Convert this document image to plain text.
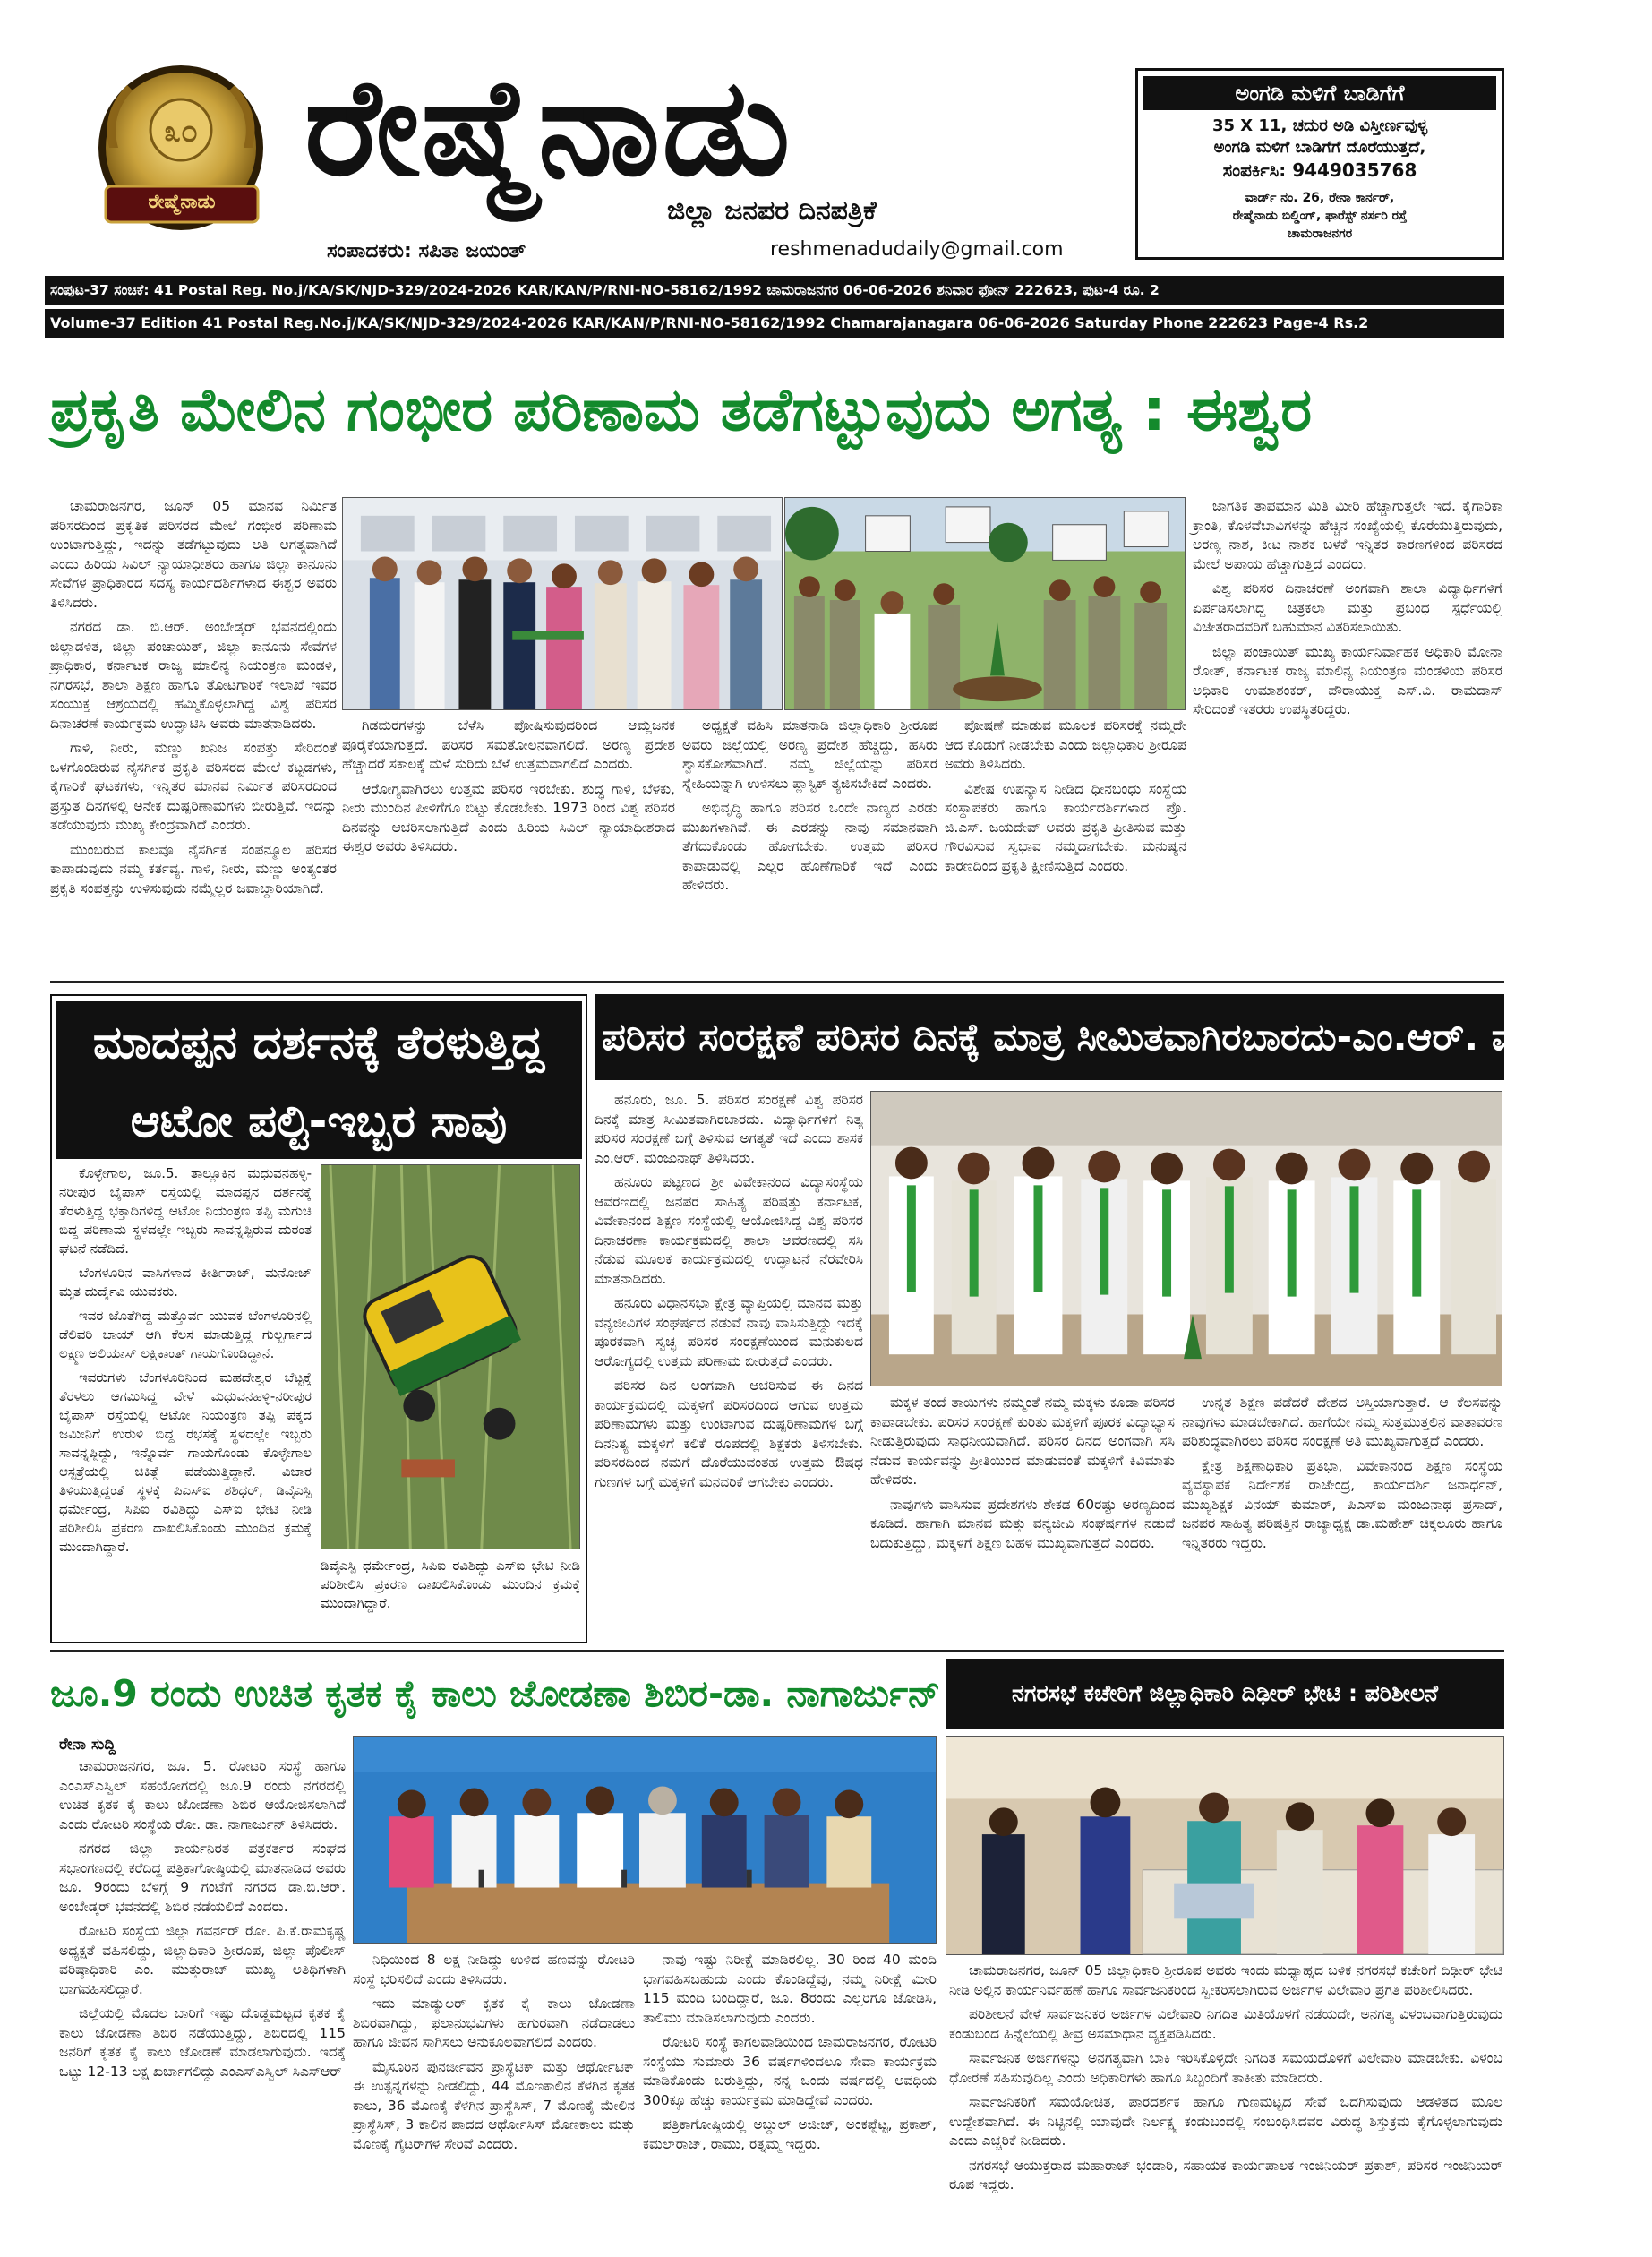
೩೦
ರೇಷ್ಮೆನಾಡು ರೇಷ್ಮೆನಾಡು
ಜಿಲ್ಲಾ ಜನಪರ ದಿನಪತ್ರಿಕೆ
ಸಂಪಾದಕರು: ಸಪಿತಾ ಜಯಂತ್	reshmenadudaily@gmail.com
ಅಂಗಡಿ ಮಳಿಗೆ ಬಾಡಿಗೆಗೆ
35 X 11, ಚದುರ ಅಡಿ ವಿಸ್ತೀರ್ಣವುಳ್ಳ
ಅಂಗಡಿ ಮಳಿಗೆ ಬಾಡಿಗೆಗೆ ದೊರೆಯುತ್ತದೆ,
ಸಂಪರ್ಕಿಸಿ: 9449035768
ವಾರ್ಡ್ ನಂ. 26, ರೇನಾ ಕಾರ್ನರ್,
ರೇಷ್ಮೆನಾಡು ಬಿಲ್ಡಿಂಗ್, ಫಾರೆಸ್ಟ್ ನರ್ಸರಿ ರಸ್ತೆ
ಚಾಮರಾಜನಗರ
ಸಂಪುಟ-37 ಸಂಚಿಕೆ: 41 Postal Reg. No.j/KA/SK/NJD-329/2024-2026 KAR/KAN/P/RNI-NO-58162/1992 ಚಾಮರಾಜನಗರ 06-06-2026 ಶನಿವಾರ ಫೋನ್ 222623, ಪುಟ-4 ರೂ. 2
Volume-37 Edition 41 Postal Reg.No.j/KA/SK/NJD-329/2024-2026 KAR/KAN/P/RNI-NO-58162/1992 Chamarajanagara 06-06-2026 Saturday Phone 222623 Page-4 Rs.2
ಪ್ರಕೃತಿ ಮೇಲಿನ ಗಂಭೀರ ಪರಿಣಾಮ ತಡೆಗಟ್ಟುವುದು ಅಗತ್ಯ : ಈಶ್ವರ

ಚಾಮರಾಜನಗರ, ಜೂನ್ 05 ಮಾನವ ನಿರ್ಮಿತ ಪರಿಸರದಿಂದ ಪ್ರಕೃತಿಕ ಪರಿಸರದ ಮೇಲೆ ಗಂಭೀರ ಪರಿಣಾಮ ಉಂಟಾಗುತ್ತಿದ್ದು, ಇದನ್ನು ತಡೆಗಟ್ಟುವುದು ಅತಿ ಅಗತ್ಯವಾಗಿದೆ ಎಂದು ಹಿರಿಯ ಸಿವಿಲ್ ನ್ಯಾಯಾಧೀಶರು ಹಾಗೂ ಜಿಲ್ಲಾ ಕಾನೂನು ಸೇವೆಗಳ ಪ್ರಾಧಿಕಾರದ ಸದಸ್ಯ ಕಾರ್ಯದರ್ಶಿಗಳಾದ ಈಶ್ವರ ಅವರು ತಿಳಿಸಿದರು.

ನಗರದ ಡಾ. ಬಿ.ಆರ್. ಅಂಬೇಡ್ಕರ್ ಭವನದಲ್ಲಿಂದು ಜಿಲ್ಲಾಡಳಿತ, ಜಿಲ್ಲಾ ಪಂಚಾಯಿತ್, ಜಿಲ್ಲಾ ಕಾನೂನು ಸೇವೆಗಳ ಪ್ರಾಧಿಕಾರ, ಕರ್ನಾಟಕ ರಾಜ್ಯ ಮಾಲಿನ್ಯ ನಿಯಂತ್ರಣ ಮಂಡಳಿ, ನಗರಸಭೆ, ಶಾಲಾ ಶಿಕ್ಷಣ ಹಾಗೂ ತೋಟಗಾರಿಕೆ ಇಲಾಖೆ ಇವರ ಸಂಯುಕ್ತ ಆಶ್ರಯದಲ್ಲಿ ಹಮ್ಮಿಕೊಳ್ಳಲಾಗಿದ್ದ ವಿಶ್ವ ಪರಿಸರ ದಿನಾಚರಣೆ ಕಾರ್ಯಕ್ರಮ ಉದ್ಘಾಟಿಸಿ ಅವರು ಮಾತನಾಡಿದರು.

ಗಾಳಿ, ನೀರು, ಮಣ್ಣು ಖನಿಜ ಸಂಪತ್ತು ಸೇರಿದಂತೆ ಒಳಗೊಂಡಿರುವ ನೈಸರ್ಗಿಕ ಪ್ರಕೃತಿ ಪರಿಸರದ ಮೇಲೆ ಕಟ್ಟಡಗಳು, ಕೈಗಾರಿಕೆ ಘಟಕಗಳು, ಇನ್ನಿತರ ಮಾನವ ನಿರ್ಮಿತ ಪರಿಸರದಿಂದ ಪ್ರಸ್ತುತ ದಿನಗಳಲ್ಲಿ ಅನೇಕ ದುಷ್ಪರಿಣಾಮಗಳು ಬೀರುತ್ತಿವೆ. ಇದನ್ನು ತಡೆಯುವುದು ಮುಖ್ಯ ಕೇಂದ್ರವಾಗಿದೆ ಎಂದರು.

ಮುಂಬರುವ ಕಾಲವೂ ನೈಸರ್ಗಿಕ ಸಂಪನ್ಮೂಲ ಪರಿಸರ ಕಾಪಾಡುವುದು ನಮ್ಮ ಕರ್ತವ್ಯ. ಗಾಳಿ, ನೀರು, ಮಣ್ಣು ಅಂತ್ಯಂತರ ಪ್ರಕೃತಿ ಸಂಪತ್ತನ್ನು ಉಳಿಸುವುದು ನಮ್ಮೆಲ್ಲರ ಜವಾಬ್ದಾರಿಯಾಗಿದೆ.

ಗಿಡಮರಗಳನ್ನು ಬೆಳೆಸಿ ಪೋಷಿಸುವುದರಿಂದ ಆಮ್ಲಜನಕ ಪೂರೈಕೆಯಾಗುತ್ತದೆ. ಪರಿಸರ ಸಮತೋಲನವಾಗಲಿದೆ. ಅರಣ್ಯ ಪ್ರದೇಶ ಹೆಚ್ಚಾದರೆ ಸಕಾಲಕ್ಕೆ ಮಳೆ ಸುರಿದು ಬೆಳೆ ಉತ್ತಮವಾಗಲಿದೆ ಎಂದರು.

ಆರೋಗ್ಯವಾಗಿರಲು ಉತ್ತಮ ಪರಿಸರ ಇರಬೇಕು. ಶುದ್ಧ ಗಾಳಿ, ಬೆಳಕು, ನೀರು ಮುಂದಿನ ಪೀಳಿಗೆಗೂ ಬಿಟ್ಟು ಕೊಡಬೇಕು. 1973 ರಿಂದ ವಿಶ್ವ ಪರಿಸರ ದಿನವನ್ನು ಆಚರಿಸಲಾಗುತ್ತಿದೆ ಎಂದು ಹಿರಿಯ ಸಿವಿಲ್ ನ್ಯಾಯಾಧೀಶರಾದ ಈಶ್ವರ ಅವರು ತಿಳಿಸಿದರು.

ಅಧ್ಯಕ್ಷತೆ ವಹಿಸಿ ಮಾತನಾಡಿ ಜಿಲ್ಲಾಧಿಕಾರಿ ಶ್ರೀರೂಪ ಅವರು ಜಿಲ್ಲೆಯಲ್ಲಿ ಅರಣ್ಯ ಪ್ರದೇಶ ಹೆಚ್ಚಿದ್ದು, ಹಸಿರು ಶ್ವಾಸಕೋಶವಾಗಿದೆ. ನಮ್ಮ ಜಿಲ್ಲೆಯನ್ನು ಪರಿಸರ ಸ್ನೇಹಿಯನ್ನಾಗಿ ಉಳಿಸಲು ಪ್ಲಾಸ್ಟಿಕ್ ತ್ಯಜಿಸಬೇಕಿದೆ ಎಂದರು.

ಅಭಿವೃದ್ಧಿ ಹಾಗೂ ಪರಿಸರ ಒಂದೇ ನಾಣ್ಯದ ಎರಡು ಮುಖಗಳಾಗಿವೆ. ಈ ಎರಡನ್ನು ನಾವು ಸಮಾನವಾಗಿ ತೆಗೆದುಕೊಂಡು ಹೋಗಬೇಕು. ಉತ್ತಮ ಪರಿಸರ ಕಾಪಾಡುವಲ್ಲಿ ಎಲ್ಲರ ಹೊಣೆಗಾರಿಕೆ ಇದೆ ಎಂದು ಹೇಳಿದರು.

ಪೋಷಣೆ ಮಾಡುವ ಮೂಲಕ ಪರಿಸರಕ್ಕೆ ನಮ್ಮದೇ ಆದ ಕೊಡುಗೆ ನೀಡಬೇಕು ಎಂದು ಜಿಲ್ಲಾಧಿಕಾರಿ ಶ್ರೀರೂಪ ಅವರು ತಿಳಿಸಿದರು.

ವಿಶೇಷ ಉಪನ್ಯಾಸ ನೀಡಿದ ಧೀನಬಂಧು ಸಂಸ್ಥೆಯ ಸಂಸ್ಥಾಪಕರು ಹಾಗೂ ಕಾರ್ಯದರ್ಶಿಗಳಾದ ಪ್ರೊ. ಜಿ.ಎಸ್. ಜಯದೇವ್ ಅವರು ಪ್ರಕೃತಿ ಪ್ರೀತಿಸುವ ಮತ್ತು ಗೌರವಿಸುವ ಸ್ವಭಾವ ನಮ್ಮದಾಗಬೇಕು. ಮನುಷ್ಯನ ಕಾರಣದಿಂದ ಪ್ರಕೃತಿ ಕ್ಷೀಣಿಸುತ್ತಿದೆ ಎಂದರು.

ಜಾಗತಿಕ ತಾಪಮಾನ ಮಿತಿ ಮೀರಿ ಹೆಚ್ಚಾಗುತ್ತಲೇ ಇದೆ. ಕೈಗಾರಿಕಾ ಕ್ರಾಂತಿ, ಕೊಳವೆಬಾವಿಗಳನ್ನು ಹೆಚ್ಚಿನ ಸಂಖ್ಯೆಯಲ್ಲಿ ಕೊರೆಯುತ್ತಿರುವುದು, ಅರಣ್ಯ ನಾಶ, ಕೀಟ ನಾಶಕ ಬಳಕೆ ಇನ್ನಿತರ ಕಾರಣಗಳಿಂದ ಪರಿಸರದ ಮೇಲೆ ಅಪಾಯ ಹೆಚ್ಚಾಗುತ್ತಿದೆ ಎಂದರು.

ವಿಶ್ವ ಪರಿಸರ ದಿನಾಚರಣೆ ಅಂಗವಾಗಿ ಶಾಲಾ ವಿದ್ಯಾರ್ಥಿಗಳಿಗೆ ಏರ್ಪಡಿಸಲಾಗಿದ್ದ ಚಿತ್ರಕಲಾ ಮತ್ತು ಪ್ರಬಂಧ ಸ್ಪರ್ಧೆಯಲ್ಲಿ ವಿಜೇತರಾದವರಿಗೆ ಬಹುಮಾನ ವಿತರಿಸಲಾಯಿತು.

ಜಿಲ್ಲಾ ಪಂಚಾಯಿತ್ ಮುಖ್ಯ ಕಾರ್ಯನಿರ್ವಾಹಕ ಅಧಿಕಾರಿ ಮೋನಾ ರೋತ್, ಕರ್ನಾಟಕ ರಾಜ್ಯ ಮಾಲಿನ್ಯ ನಿಯಂತ್ರಣ ಮಂಡಳಿಯ ಪರಿಸರ ಅಧಿಕಾರಿ ಉಮಾಶಂಕರ್, ಪೌರಾಯುಕ್ತ ಎಸ್.ವಿ. ರಾಮದಾಸ್ ಸೇರಿದಂತೆ ಇತರರು ಉಪಸ್ಥಿತರಿದ್ದರು.

ಮಾದಪ್ಪನ ದರ್ಶನಕ್ಕೆ ತೆರಳುತ್ತಿದ್ದ
ಆಟೋ ಪಲ್ಟಿ-ಇಬ್ಬರ ಸಾವು

ಕೊಳ್ಳೇಗಾಲ, ಜೂ.5. ತಾಲ್ಲೂಕಿನ ಮಧುವನಹಳ್ಳಿ-ನರೀಪುರ ಬೈಪಾಸ್ ರಸ್ತೆಯಲ್ಲಿ ಮಾದಪ್ಪನ ದರ್ಶನಕ್ಕೆ ತೆರಳುತ್ತಿದ್ದ ಭಕ್ತಾದಿಗಳಿದ್ದ ಆಟೋ ನಿಯಂತ್ರಣ ತಪ್ಪಿ ಮಗುಚಿ ಬಿದ್ದ ಪರಿಣಾಮ ಸ್ಥಳದಲ್ಲೇ ಇಬ್ಬರು ಸಾವನ್ನಪ್ಪಿರುವ ದುರಂತ ಘಟನೆ ನಡೆದಿದೆ.

ಬೆಂಗಳೂರಿನ ವಾಸಿಗಳಾದ ಕೀರ್ತಿರಾಜ್, ಮನೋಜ್ ಮೃತ ದುರ್ದೈವಿ ಯುವಕರು.

ಇವರ ಜೊತೆಗಿದ್ದ ಮತ್ತೊರ್ವ ಯುವಕ ಬೆಂಗಳೂರಿನಲ್ಲಿ ಡೆಲಿವರಿ ಬಾಯ್ ಆಗಿ ಕೆಲಸ ಮಾಡುತ್ತಿದ್ದ ಗುಲ್ಬರ್ಗಾದ ಲಕ್ಷ್ಮಣ ಅಲಿಯಾಸ್ ಲಕ್ಷಿಕಾಂತ್ ಗಾಯಗೊಂಡಿದ್ದಾನೆ.

ಇವರುಗಳು ಬೆಂಗಳೂರಿನಿಂದ ಮಹದೇಶ್ವರ ಬೆಟ್ಟಕ್ಕೆ ತೆರಳಲು ಆಗಮಿಸಿದ್ದ ವೇಳೆ ಮಧುವನಹಳ್ಳಿ-ನರೀಪುರ ಬೈಪಾಸ್ ರಸ್ತೆಯಲ್ಲಿ ಆಟೋ ನಿಯಂತ್ರಣ ತಪ್ಪಿ ಪಕ್ಕದ ಜಮೀನಿಗೆ ಉರುಳಿ ಬಿದ್ದ ರಭಸಕ್ಕೆ ಸ್ಥಳದಲ್ಲೇ ಇಬ್ಬರು ಸಾವನ್ನಪ್ಪಿದ್ದು, ಇನ್ನೊರ್ವ ಗಾಯಗೊಂಡು ಕೊಳ್ಳೇಗಾಲ ಆಸ್ಪತ್ರೆಯಲ್ಲಿ ಚಿಕಿತ್ಸೆ ಪಡೆಯುತ್ತಿದ್ದಾನೆ. ವಿಚಾರ ತಿಳಿಯುತ್ತಿದ್ದಂತೆ ಸ್ಥಳಕ್ಕೆ ಪಿಎಸ್ಐ ಶಶಿಧರ್, ಡಿವೈಎಸ್ಪಿ ಧರ್ಮೇಂದ್ರ, ಸಿಪಿಐ ರವಿಶಿದ್ಧು ಎಸ್‌ಐ ಭೇಟಿ ನೀಡಿ ಪರಿಶೀಲಿಸಿ ಪ್ರಕರಣ ದಾಖಲಿಸಿಕೊಂಡು ಮುಂದಿನ ಕ್ರಮಕ್ಕೆ ಮುಂದಾಗಿದ್ದಾರೆ.

ಡಿವೈಎಸ್ಪಿ ಧರ್ಮೇಂದ್ರ, ಸಿಪಿಐ ರವಿಶಿದ್ಧು ಎಸ್‌ಐ ಭೇಟಿ ನೀಡಿ ಪರಿಶೀಲಿಸಿ ಪ್ರಕರಣ ದಾಖಲಿಸಿಕೊಂಡು ಮುಂದಿನ ಕ್ರಮಕ್ಕೆ ಮುಂದಾಗಿದ್ದಾರೆ.
ಪರಿಸರ ಸಂರಕ್ಷಣೆ ಪರಿಸರ ದಿನಕ್ಕೆ ಮಾತ್ರ ಸೀಮಿತವಾಗಿರಬಾರದು-ಎಂ.ಆರ್. ಮಂಜುನಾಥ್

ಹನೂರು, ಜೂ. 5. ಪರಿಸರ ಸಂರಕ್ಷಣೆ ವಿಶ್ವ ಪರಿಸರ ದಿನಕ್ಕೆ ಮಾತ್ರ ಸೀಮಿತವಾಗಿರಬಾರದು. ವಿದ್ಯಾರ್ಥಿಗಳಿಗೆ ನಿತ್ಯ ಪರಿಸರ ಸಂರಕ್ಷಣೆ ಬಗ್ಗೆ ತಿಳಿಸುವ ಅಗತ್ಯತೆ ಇದೆ ಎಂದು ಶಾಸಕ ಎಂ.ಆರ್. ಮಂಜುನಾಥ್ ತಿಳಿಸಿದರು.

ಹನೂರು ಪಟ್ಟಣದ ಶ್ರೀ ವಿವೇಕಾನಂದ ವಿದ್ಯಾಸಂಸ್ಥೆಯ ಆವರಣದಲ್ಲಿ ಜನಪರ ಸಾಹಿತ್ಯ ಪರಿಷತ್ತು ಕರ್ನಾಟಕ, ವಿವೇಕಾನಂದ ಶಿಕ್ಷಣ ಸಂಸ್ಥೆಯಲ್ಲಿ ಆಯೋಜಿಸಿದ್ದ ವಿಶ್ವ ಪರಿಸರ ದಿನಾಚರಣಾ ಕಾರ್ಯಕ್ರಮದಲ್ಲಿ ಶಾಲಾ ಆವರಣದಲ್ಲಿ ಸಸಿ ನೆಡುವ ಮೂಲಕ ಕಾರ್ಯಕ್ರಮದಲ್ಲಿ ಉದ್ಘಾಟನೆ ನೆರವೇರಿಸಿ ಮಾತನಾಡಿದರು.

ಹನೂರು ವಿಧಾನಸಭಾ ಕ್ಷೇತ್ರ ವ್ಯಾಪ್ತಿಯಲ್ಲಿ ಮಾನವ ಮತ್ತು ವನ್ಯಜೀವಿಗಳ ಸಂಘರ್ಷದ ನಡುವೆ ನಾವು ವಾಸಿಸುತ್ತಿದ್ದು ಇದಕ್ಕೆ ಪೂರಕವಾಗಿ ಸ್ವಚ್ಛ ಪರಿಸರ ಸಂರಕ್ಷಣೆಯಿಂದ ಮನುಕುಲದ ಆರೋಗ್ಯದಲ್ಲಿ ಉತ್ತಮ ಪರಿಣಾಮ ಬೀರುತ್ತದೆ ಎಂದರು.

ಪರಿಸರ ದಿನ ಅಂಗವಾಗಿ ಆಚರಿಸುವ ಈ ದಿನದ ಕಾರ್ಯಕ್ರಮದಲ್ಲಿ ಮಕ್ಕಳಿಗೆ ಪರಿಸರದಿಂದ ಆಗುವ ಉತ್ತಮ ಪರಿಣಾಮಗಳು ಮತ್ತು ಉಂಟಾಗುವ ದುಷ್ಪರಿಣಾಮಗಳ ಬಗ್ಗೆ ದಿನನಿತ್ಯ ಮಕ್ಕಳಿಗೆ ಕಲಿಕೆ ರೂಪದಲ್ಲಿ ಶಿಕ್ಷಕರು ತಿಳಿಸಬೇಕು. ಪರಿಸರದಿಂದ ನಮಗೆ ದೊರೆಯುವಂತಹ ಉತ್ತಮ ಔಷಧ ಗುಣಗಳ ಬಗ್ಗೆ ಮಕ್ಕಳಿಗೆ ಮನವರಿಕೆ ಆಗಬೇಕು ಎಂದರು.

ಮಕ್ಕಳ ತಂದೆ ತಾಯಿಗಳು ನಮ್ಮಂತೆ ನಮ್ಮ ಮಕ್ಕಳು ಕೂಡಾ ಪರಿಸರ ಕಾಪಾಡಬೇಕು. ಪರಿಸರ ಸಂರಕ್ಷಣೆ ಕುರಿತು ಮಕ್ಕಳಿಗೆ ಪೂರಕ ವಿದ್ಯಾಭ್ಯಾಸ ನೀಡುತ್ತಿರುವುದು ಸಾಧನೀಯವಾಗಿದೆ. ಪರಿಸರ ದಿನದ ಅಂಗವಾಗಿ ಸಸಿ ನೆಡುವ ಕಾರ್ಯವನ್ನು ಪ್ರೀತಿಯಿಂದ ಮಾಡುವಂತೆ ಮಕ್ಕಳಿಗೆ ಕಿವಿಮಾತು ಹೇಳಿದರು.

ನಾವುಗಳು ವಾಸಿಸುವ ಪ್ರದೇಶಗಳು ಶೇಕಡ 60ರಷ್ಟು ಅರಣ್ಯದಿಂದ ಕೂಡಿದೆ. ಹಾಗಾಗಿ ಮಾನವ ಮತ್ತು ವನ್ಯಜೀವಿ ಸಂಘರ್ಷಗಳ ನಡುವೆ ಬದುಕುತ್ತಿದ್ದು, ಮಕ್ಕಳಿಗೆ ಶಿಕ್ಷಣ ಬಹಳ ಮುಖ್ಯವಾಗುತ್ತದೆ ಎಂದರು.

ಉನ್ನತ ಶಿಕ್ಷಣ ಪಡೆದರೆ ದೇಶದ ಅಸ್ತಿಯಾಗುತ್ತಾರೆ. ಆ ಕೆಲಸವನ್ನು ನಾವುಗಳು ಮಾಡಬೇಕಾಗಿದೆ. ಹಾಗೆಯೇ ನಮ್ಮ ಸುತ್ತಮುತ್ತಲಿನ ವಾತಾವರಣ ಪರಿಶುದ್ಧವಾಗಿರಲು ಪರಿಸರ ಸಂರಕ್ಷಣೆ ಅತಿ ಮುಖ್ಯವಾಗುತ್ತದೆ ಎಂದರು.

ಕ್ಷೇತ್ರ ಶಿಕ್ಷಣಾಧಿಕಾರಿ ಪ್ರತಿಭಾ, ವಿವೇಕಾನಂದ ಶಿಕ್ಷಣ ಸಂಸ್ಥೆಯ ವ್ಯವಸ್ಥಾಪಕ ನಿರ್ದೇಶಕ ರಾಜೇಂದ್ರ, ಕಾರ್ಯದರ್ಶಿ ಜನಾರ್ಧನ್, ಮುಖ್ಯಶಿಕ್ಷಕ ವಿನಯ್ ಕುಮಾರ್, ಪಿಎಸ್ಐ ಮಂಜುನಾಥ ಪ್ರಸಾದ್, ಜನಪರ ಸಾಹಿತ್ಯ ಪರಿಷತ್ತಿನ ರಾಜ್ಯಾಧ್ಯಕ್ಷ ಡಾ.ಮಹೇಶ್ ಚಿಕ್ಕಲೂರು ಹಾಗೂ ಇನ್ನಿತರರು ಇದ್ದರು.

ಜೂ.9 ರಂದು ಉಚಿತ ಕೃತಕ ಕೈ ಕಾಲು ಜೋಡಣಾ ಶಿಬಿರ-ಡಾ. ನಾಗಾರ್ಜುನ್
ರೇನಾ ಸುದ್ದಿ

ಚಾಮರಾಜನಗರ, ಜೂ. 5. ರೋಟರಿ ಸಂಸ್ಥೆ ಹಾಗೂ ಎಂಎಸ್ಎಸ್ವಿಲ್ ಸಹಯೋಗದಲ್ಲಿ ಜೂ.9 ರಂದು ನಗರದಲ್ಲಿ ಉಚಿತ ಕೃತಕ ಕೈ ಕಾಲು ಜೋಡಣಾ ಶಿಬಿರ ಆಯೋಜಿಸಲಾಗಿದೆ ಎಂದು ರೋಟರಿ ಸಂಸ್ಥೆಯ ರೋ. ಡಾ. ನಾಗಾರ್ಜುನ್ ತಿಳಿಸಿದರು.

ನಗರದ ಜಿಲ್ಲಾ ಕಾರ್ಯನಿರತ ಪತ್ರಕರ್ತರ ಸಂಘದ ಸಭಾಂಗಣದಲ್ಲಿ ಕರೆದಿದ್ದ ಪತ್ರಿಕಾಗೋಷ್ಠಿಯಲ್ಲಿ ಮಾತನಾಡಿದ ಅವರು ಜೂ. 9ರಂದು ಬೆಳಿಗ್ಗೆ 9 ಗಂಟೆಗೆ ನಗರದ ಡಾ.ಬಿ.ಆರ್. ಅಂಬೇಡ್ಕರ್ ಭವನದಲ್ಲಿ ಶಿಬಿರ ನಡೆಯಲಿದೆ ಎಂದರು.

ರೋಟರಿ ಸಂಸ್ಥೆಯ ಜಿಲ್ಲಾ ಗವರ್ನರ್ ರೋ. ಪಿ.ಕೆ.ರಾಮಕೃಷ್ಣ ಅಧ್ಯಕ್ಷತೆ ವಹಿಸಲಿದ್ದು, ಜಿಲ್ಲಾಧಿಕಾರಿ ಶ್ರೀರೂಪ, ಜಿಲ್ಲಾ ಪೊಲೀಸ್ ವರಿಷ್ಠಾಧಿಕಾರಿ ಎಂ. ಮುತ್ತುರಾಜ್ ಮುಖ್ಯ ಅತಿಥಿಗಳಾಗಿ ಭಾಗವಹಿಸಲಿದ್ದಾರೆ.

ಜಿಲ್ಲೆಯಲ್ಲಿ ಮೊದಲ ಬಾರಿಗೆ ಇಷ್ಟು ದೊಡ್ಡಮಟ್ಟದ ಕೃತಕ ಕೈ ಕಾಲು ಜೋಡಣಾ ಶಿಬಿರ ನಡೆಯುತ್ತಿದ್ದು, ಶಿಬಿರದಲ್ಲಿ 115 ಜನರಿಗೆ ಕೃತಕ ಕೈ ಕಾಲು ಜೋಡಣೆ ಮಾಡಲಾಗುವುದು. ಇದಕ್ಕೆ ಒಟ್ಟು 12-13 ಲಕ್ಷ ಖರ್ಚಾಗಲಿದ್ದು ಎಂಎಸ್ಎಸ್ವಿಲ್ ಸಿಎಸ್ಆರ್

ನಿಧಿಯಿಂದ 8 ಲಕ್ಷ ನೀಡಿದ್ದು ಉಳಿದ ಹಣವನ್ನು ರೋಟರಿ ಸಂಸ್ಥೆ ಭರಿಸಲಿದೆ ಎಂದು ತಿಳಿಸಿದರು.

ಇದು ಮಾಡ್ಯುಲರ್ ಕೃತಕ ಕೈ ಕಾಲು ಜೋಡಣಾ ಶಿಬಿರವಾಗಿದ್ದು, ಫಲಾನುಭವಿಗಳು ಹಗುರವಾಗಿ ನಡೆದಾಡಲು ಹಾಗೂ ಜೀವನ ಸಾಗಿಸಲು ಅನುಕೂಲವಾಗಲಿದೆ ಎಂದರು.

ಮೈಸೂರಿನ ಪುನರ್ಜೀವನ ಪ್ರಾಸ್ಥೆಟಿಕ್ ಮತ್ತು ಆರ್ಥೋಟಿಕ್ ಈ ಉತ್ಪನ್ನಗಳನ್ನು ನೀಡಲಿದ್ದು, 44 ಮೊಣಕಾಲಿನ ಕೆಳಗಿನ ಕೃತಕ ಕಾಲು, 36 ಮೊಣಕೈ ಕೆಳಗಿನ ಪ್ರಾಸ್ಥೆಸಿಸ್, 7 ಮೊಣಕೈ ಮೇಲಿನ ಪ್ರಾಸ್ಥೆಸಿಸ್, 3 ಕಾಲಿನ ಪಾದದ ಆರ್ಥೋಸಿಸ್ ಮೊಣಕಾಲು ಮತ್ತು ಮೊಣಕೈ ಗೈಟರ್‌ಗಳ ಸೇರಿವೆ ಎಂದರು.

ನಾವು ಇಷ್ಟು ನಿರೀಕ್ಷೆ ಮಾಡಿರಲಿಲ್ಲ. 30 ರಿಂದ 40 ಮಂದಿ ಭಾಗವಹಿಸಬಹುದು ಎಂದು ಕೊಂಡಿದ್ದೆವು, ನಮ್ಮ ನಿರೀಕ್ಷೆ ಮೀರಿ 115 ಮಂದಿ ಬಂದಿದ್ದಾರೆ, ಜೂ. 8ರಂದು ಎಲ್ಲರಿಗೂ ಜೋಡಿಸಿ, ತಾಲಿಮು ಮಾಡಿಸಲಾಗುವುದು ಎಂದರು.

ರೋಟರಿ ಸಂಸ್ಥೆ ಕಾಗಲವಾಡಿಯಿಂದ ಚಾಮರಾಜನಗರ, ರೋಟರಿ ಸಂಸ್ಥೆಯು ಸುಮಾರು 36 ವರ್ಷಗಳಿಂದಲೂ ಸೇವಾ ಕಾರ್ಯಕ್ರಮ ಮಾಡಿಕೊಂಡು ಬರುತ್ತಿದ್ದು, ನನ್ನ ಒಂದು ವರ್ಷದಲ್ಲಿ ಅವಧಿಯ 300ಕ್ಕೂ ಹೆಚ್ಚು ಕಾರ್ಯಕ್ರಮ ಮಾಡಿದ್ದೇವೆ ಎಂದರು.

ಪತ್ರಿಕಾಗೋಷ್ಠಿಯಲ್ಲಿ ಅಬ್ದುಲ್ ಅಜೀಜ್, ಅಂಕಪ್ಪೆಟ್ಟ, ಪ್ರಕಾಶ್, ಕಮಲ್‌ರಾಜ್, ರಾಮು, ರತ್ನಮ್ಮ ಇದ್ದರು.

ನಗರಸಭೆ ಕಚೇರಿಗೆ ಜಿಲ್ಲಾಧಿಕಾರಿ ದಿಢೀರ್ ಭೇಟಿ : ಪರಿಶೀಲನೆ

ಚಾಮರಾಜನಗರ, ಜೂನ್ 05 ಜಿಲ್ಲಾಧಿಕಾರಿ ಶ್ರೀರೂಪ ಅವರು ಇಂದು ಮಧ್ಯಾಹ್ನದ ಬಳಿಕ ನಗರಸಭೆ ಕಚೇರಿಗೆ ದಿಢೀರ್ ಭೇಟಿ ನೀಡಿ ಅಲ್ಲಿನ ಕಾರ್ಯನಿರ್ವಹಣೆ ಹಾಗೂ ಸಾರ್ವಜನಿಕರಿಂದ ಸ್ವೀಕರಿಸಲಾಗಿರುವ ಅರ್ಜಿಗಳ ವಿಲೇವಾರಿ ಪ್ರಗತಿ ಪರಿಶೀಲಿಸಿದರು.

ಪರಿಶೀಲನೆ ವೇಳೆ ಸಾರ್ವಜನಿಕರ ಅರ್ಜಿಗಳ ವಿಲೇವಾರಿ ನಿಗದಿತ ಮಿತಿಯೊಳಗೆ ನಡೆಯದೇ, ಅನಗತ್ಯ ವಿಳಂಬವಾಗುತ್ತಿರುವುದು ಕಂಡುಬಂದ ಹಿನ್ನೆಲೆಯಲ್ಲಿ ತೀವ್ರ ಅಸಮಾಧಾನ ವ್ಯಕ್ತಪಡಿಸಿದರು.

ಸಾರ್ವಜನಿಕ ಅರ್ಜಿಗಳನ್ನು ಅನಗತ್ಯವಾಗಿ ಬಾಕಿ ಇರಿಸಿಕೊಳ್ಳದೇ ನಿಗದಿತ ಸಮಯದೊಳಗೆ ವಿಲೇವಾರಿ ಮಾಡಬೇಕು. ವಿಳಂಬ ಧೋರಣೆ ಸಹಿಸುವುದಿಲ್ಲ ಎಂದು ಅಧಿಕಾರಿಗಳು ಹಾಗೂ ಸಿಬ್ಬಂದಿಗೆ ತಾಕೀತು ಮಾಡಿದರು.

ಸಾರ್ವಜನಿಕರಿಗೆ ಸಮಯೋಚಿತ, ಪಾರದರ್ಶಕ ಹಾಗೂ ಗುಣಮಟ್ಟದ ಸೇವೆ ಒದಗಿಸುವುದು ಆಡಳಿತದ ಮೂಲ ಉದ್ದೇಶವಾಗಿದೆ. ಈ ನಿಟ್ಟಿನಲ್ಲಿ ಯಾವುದೇ ನಿರ್ಲಕ್ಷ್ಯ ಕಂಡುಬಂದಲ್ಲಿ ಸಂಬಂಧಿಸಿದವರ ವಿರುದ್ಧ ಶಿಸ್ತುಕ್ರಮ ಕೈಗೊಳ್ಳಲಾಗುವುದು ಎಂದು ಎಚ್ಚರಿಕೆ ನೀಡಿದರು.

ನಗರಸಭೆ ಆಯುಕ್ತರಾದ ಮಹಾರಾಜ್ ಭಂಡಾರಿ, ಸಹಾಯಕ ಕಾರ್ಯಪಾಲಕ ಇಂಜಿನಿಯರ್ ಪ್ರಕಾಶ್, ಪರಿಸರ ಇಂಜಿನಿಯರ್ ರೂಪ ಇದ್ದರು.
